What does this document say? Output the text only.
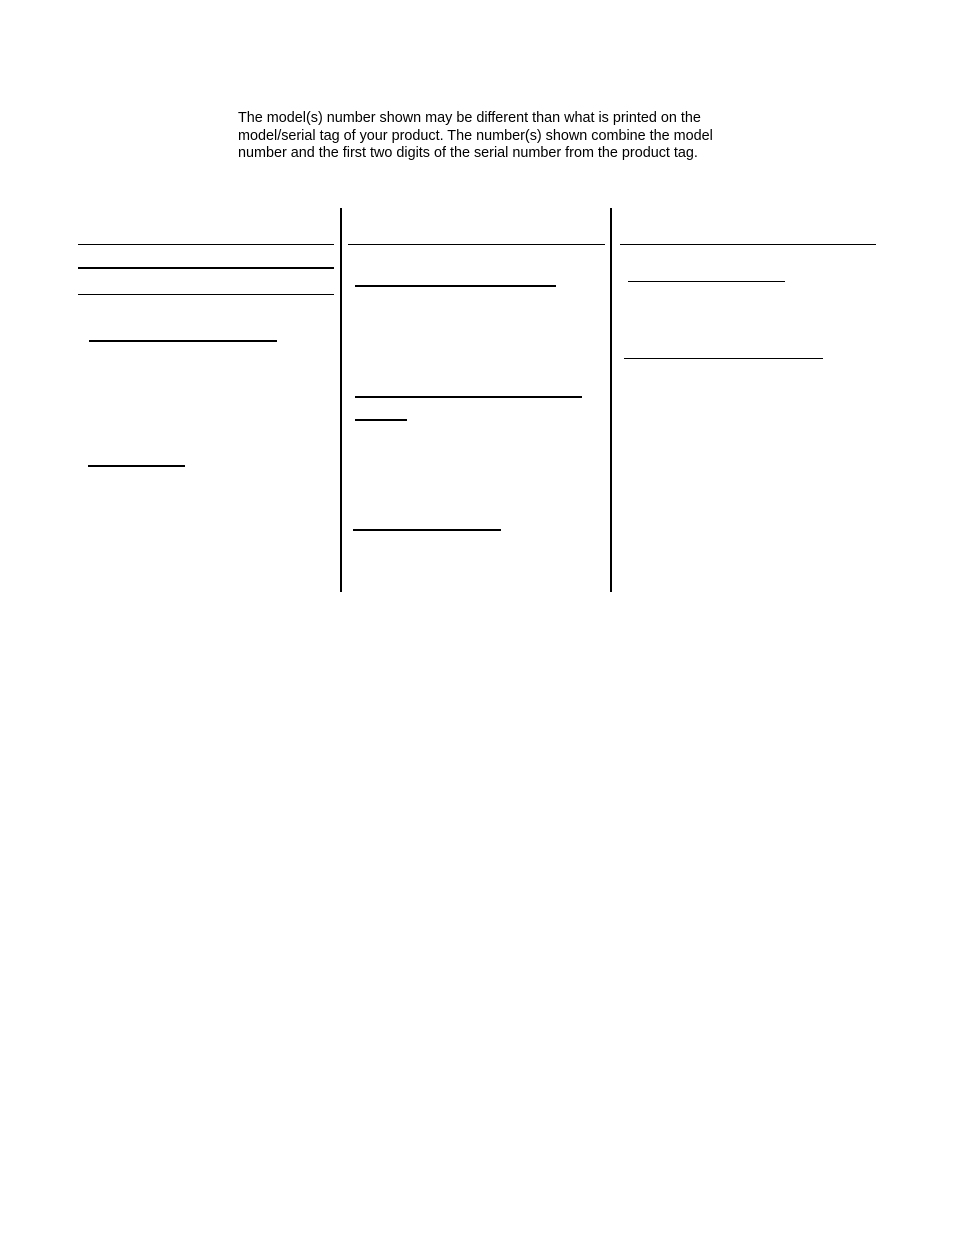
The model(s) number shown may be different than what is printed on the
model/serial tag of your product. The number(s) shown combine the model
number and the first two digits of the serial number from the product tag.
